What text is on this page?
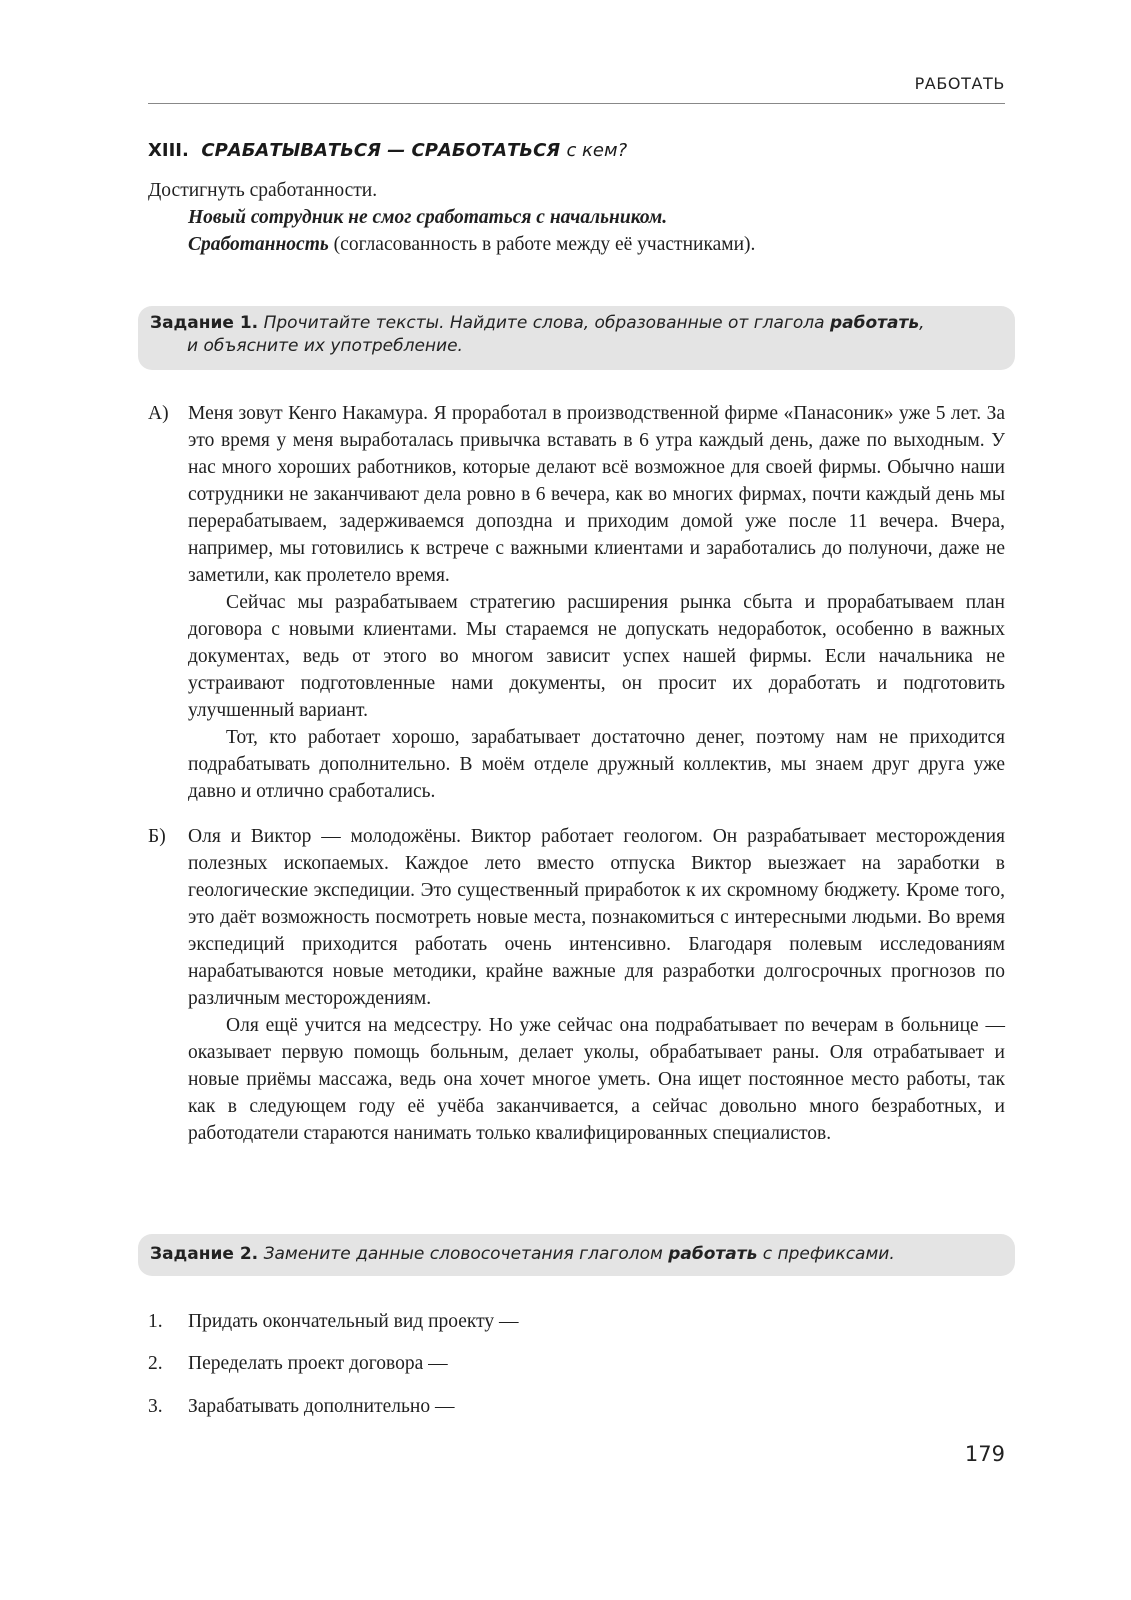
РАБОТАТЬ
XIII. СРАБАТЫВАТЬСЯ — СРАБОТАТЬСЯ с кем?
Достигнуть сработанности.
Новый сотрудник не смог сработаться с начальником.
Сработанность (согласованность в работе между её участниками).
Задание 1. Прочитайте тексты. Найдите слова, образованные от глагола работать,
и объясните их употребление.
А) Меня зовут Кенго Накамура. Я проработал в производственной фирме «Панасоник» уже 5 лет. За это время у меня выработалась привычка вставать в 6 утра каждый день, даже по выходным. У нас много хороших работников, которые делают всё возможное для своей фирмы. Обычно наши сотрудники не заканчивают дела ровно в 6 вечера, как во многих фирмах, почти каждый день мы перерабатываем, задерживаемся допоздна и приходим домой уже после 11 вечера. Вчера, например, мы готовились к встрече с важными клиентами и заработались до полуночи, даже не заметили, как пролетело время.

Сейчас мы разрабатываем стратегию расширения рынка сбыта и прорабатываем план договора с новыми клиентами. Мы стараемся не допускать недоработок, особенно в важных документах, ведь от этого во многом зависит успех нашей фирмы. Если начальника не устраивают подготовленные нами документы, он просит их доработать и подготовить улучшенный вариант.

Тот, кто работает хорошо, зарабатывает достаточно денег, поэтому нам не приходится подрабатывать дополнительно. В моём отделе дружный коллектив, мы знаем друг друга уже давно и отлично сработались.

Б) Оля и Виктор — молодожёны. Виктор работает геологом. Он разрабатывает месторождения полезных ископаемых. Каждое лето вместо отпуска Виктор выезжает на заработки в геологические экспедиции. Это существенный приработок к их скромному бюджету. Кроме того, это даёт возможность посмотреть новые места, познакомиться с интересными людьми. Во время экспедиций приходится работать очень интенсивно. Благодаря полевым исследованиям нарабатываются новые методики, крайне важные для разработки долгосрочных прогнозов по различным месторождениям.

Оля ещё учится на медсестру. Но уже сейчас она подрабатывает по вечерам в больнице — оказывает первую помощь больным, делает уколы, обрабатывает раны. Оля отрабатывает и новые приёмы массажа, ведь она хочет многое уметь. Она ищет постоянное место работы, так как в следующем году её учёба заканчивается, а сейчас довольно много безработных, и работодатели стараются нанимать только квалифицированных специалистов.

Задание 2. Замените данные словосочетания глаголом работать с префиксами.
1. Придать окончательный вид проекту —
2. Переделать проект договора —
3. Зарабатывать дополнительно —
179
